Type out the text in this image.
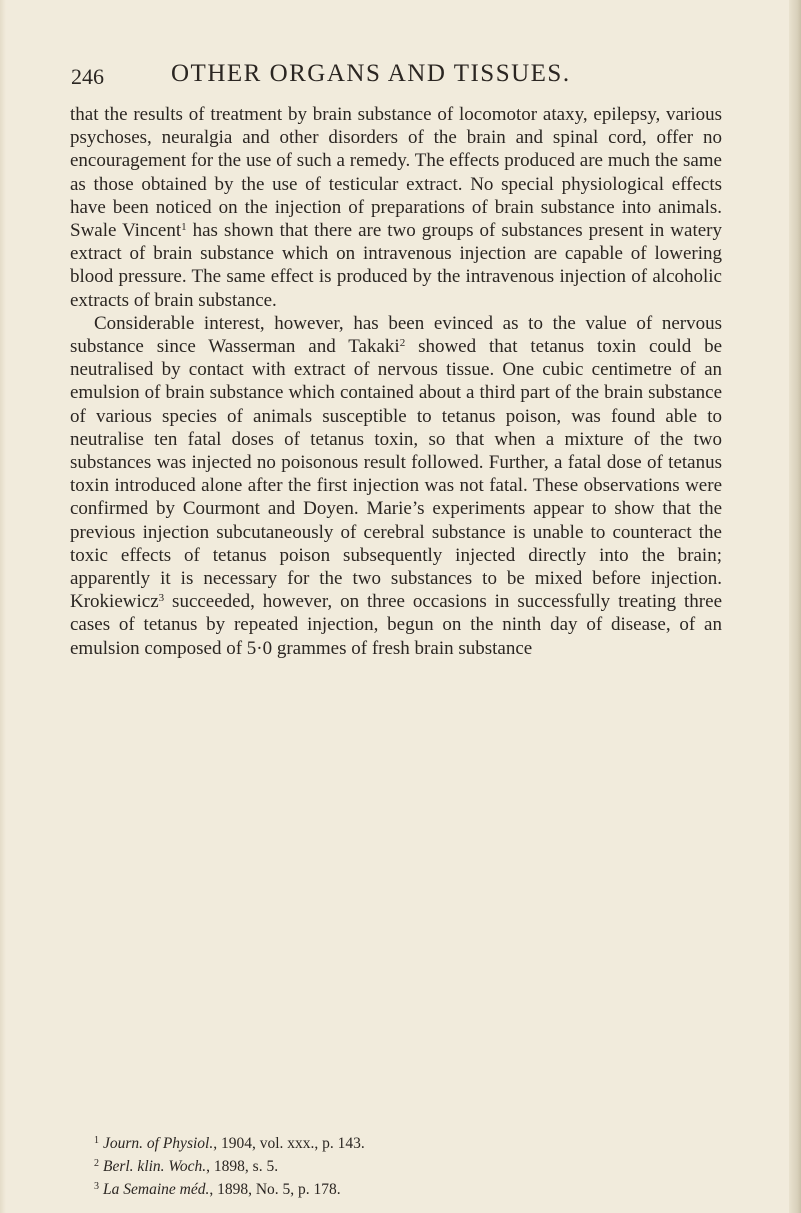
246	OTHER ORGANS AND TISSUES.

that the results of treatment by brain substance of locomotor ataxy, epilepsy, various psychoses, neuralgia and other disorders of the brain and spinal cord, offer no encouragement for the use of such a remedy. The effects produced are much the same as those obtained by the use of testicular extract. No special physiological effects have been noticed on the injection of preparations of brain substance into animals. Swale Vincent$^1$ has shown that there are two groups of substances present in watery extract of brain substance which on intravenous injection are capable of lowering blood pressure. The same effect is produced by the intravenous injection of alcoholic extracts of brain substance.

Considerable interest, however, has been evinced as to the value of nervous substance since Wasserman and Takaki$^2$ showed that tetanus toxin could be neutralised by contact with extract of nervous tissue. One cubic centimetre of an emulsion of brain substance which contained about a third part of the brain substance of various species of animals susceptible to tetanus poison, was found able to neutralise ten fatal doses of tetanus toxin, so that when a mixture of the two substances was injected no poisonous result followed. Further, a fatal dose of tetanus toxin introduced alone after the first injection was not fatal. These observations were confirmed by Courmont and Doyen. Marie’s experiments appear to show that the previous injection subcutaneously of cerebral substance is unable to counteract the toxic effects of tetanus poison subsequently injected directly into the brain; apparently it is necessary for the two substances to be mixed before injection. Krokiewicz$^3$ succeeded, however, on three occasions in successfully treating three cases of tetanus by repeated injection, begun on the ninth day of disease, of an emulsion composed of 5·0 grammes of fresh brain substance

$^1$ Journ. of Physiol., 1904, vol. xxx., p. 143.
$^2$ Berl. klin. Woch., 1898, s. 5.
$^3$ La Semaine méd., 1898, No. 5, p. 178.
